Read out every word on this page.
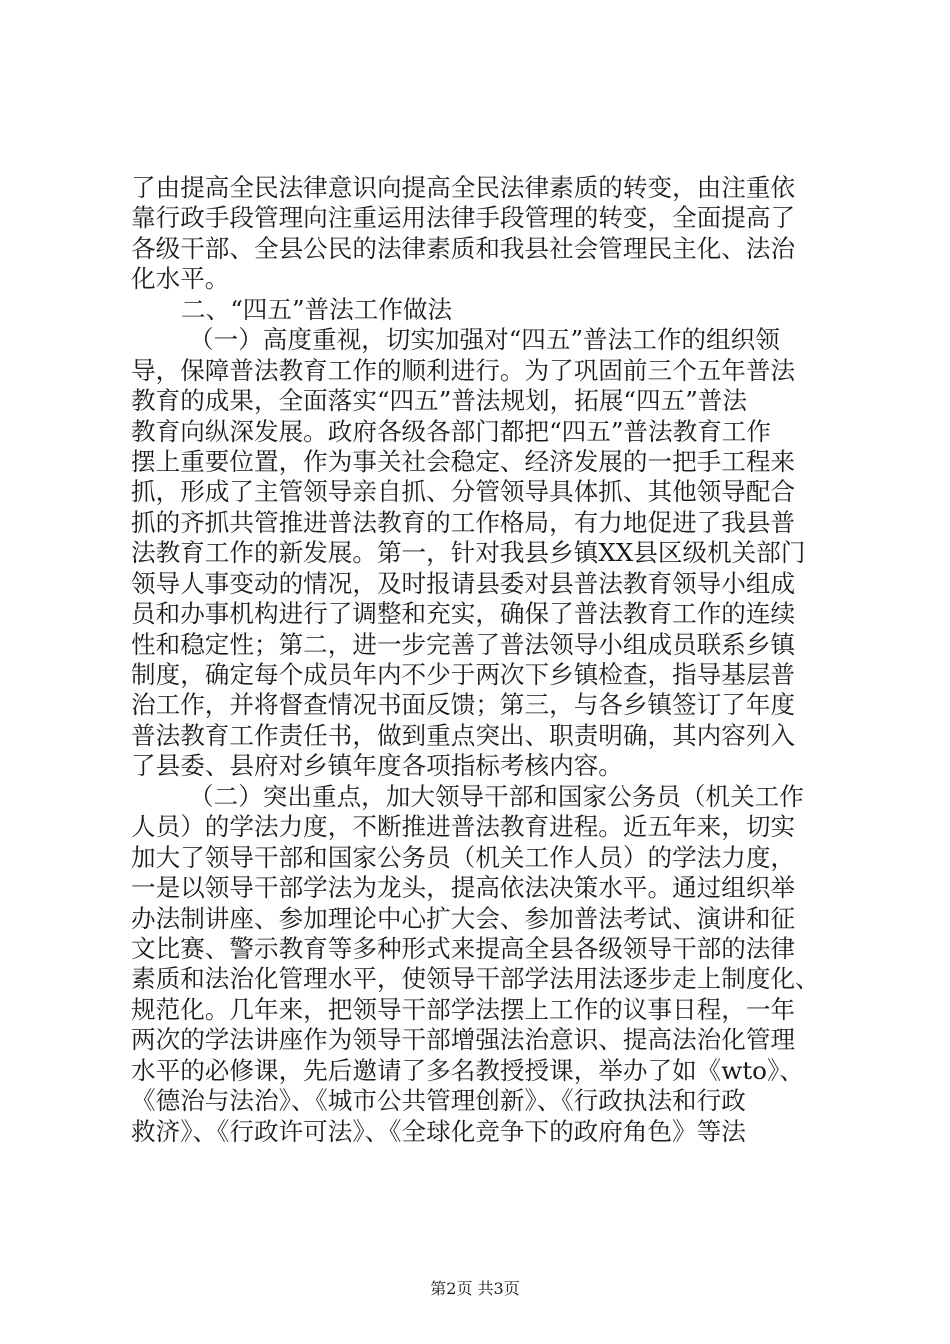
了由提高全民法律意识向提高全民法律素质的转变，由注重依
靠行政手段管理向注重运用法律手段管理的转变，全面提高了
各级干部、全县公民的法律素质和我县社会管理民主化、法治
化水平。
二、“四五”普法工作做法
（一）高度重视，切实加强对“四五”普法工作的组织领
导，保障普法教育工作的顺利进行。为了巩固前三个五年普法
教育的成果，全面落实“四五”普法规划，拓展“四五”普法
教育向纵深发展。政府各级各部门都把“四五”普法教育工作
摆上重要位置，作为事关社会稳定、经济发展的一把手工程来
抓，形成了主管领导亲自抓、分管领导具体抓、其他领导配合
抓的齐抓共管推进普法教育的工作格局，有力地促进了我县普
法教育工作的新发展。第一，针对我县乡镇XX县区级机关部门
领导人事变动的情况，及时报请县委对县普法教育领导小组成
员和办事机构进行了调整和充实，确保了普法教育工作的连续
性和稳定性；第二，进一步完善了普法领导小组成员联系乡镇
制度，确定每个成员年内不少于两次下乡镇检查，指导基层普
治工作，并将督查情况书面反馈；第三，与各乡镇签订了年度
普法教育工作责任书，做到重点突出、职责明确，其内容列入
了县委、县府对乡镇年度各项指标考核内容。
（二）突出重点，加大领导干部和国家公务员（机关工作
人员）的学法力度，不断推进普法教育进程。近五年来，切实
加大了领导干部和国家公务员（机关工作人员）的学法力度，
一是以领导干部学法为龙头，提高依法决策水平。通过组织举
办法制讲座、参加理论中心扩大会、参加普法考试、演讲和征
文比赛、警示教育等多种形式来提高全县各级领导干部的法律
素质和法治化管理水平，使领导干部学法用法逐步走上制度化、
规范化。几年来，把领导干部学法摆上工作的议事日程，一年
两次的学法讲座作为领导干部增强法治意识、提高法治化管理
水平的必修课，先后邀请了多名教授授课，举办了如《wto》、
《德治与法治》、《城市公共管理创新》、《行政执法和行政
救济》、《行政许可法》、《全球化竞争下的政府角色》等法
第2页 共3页
